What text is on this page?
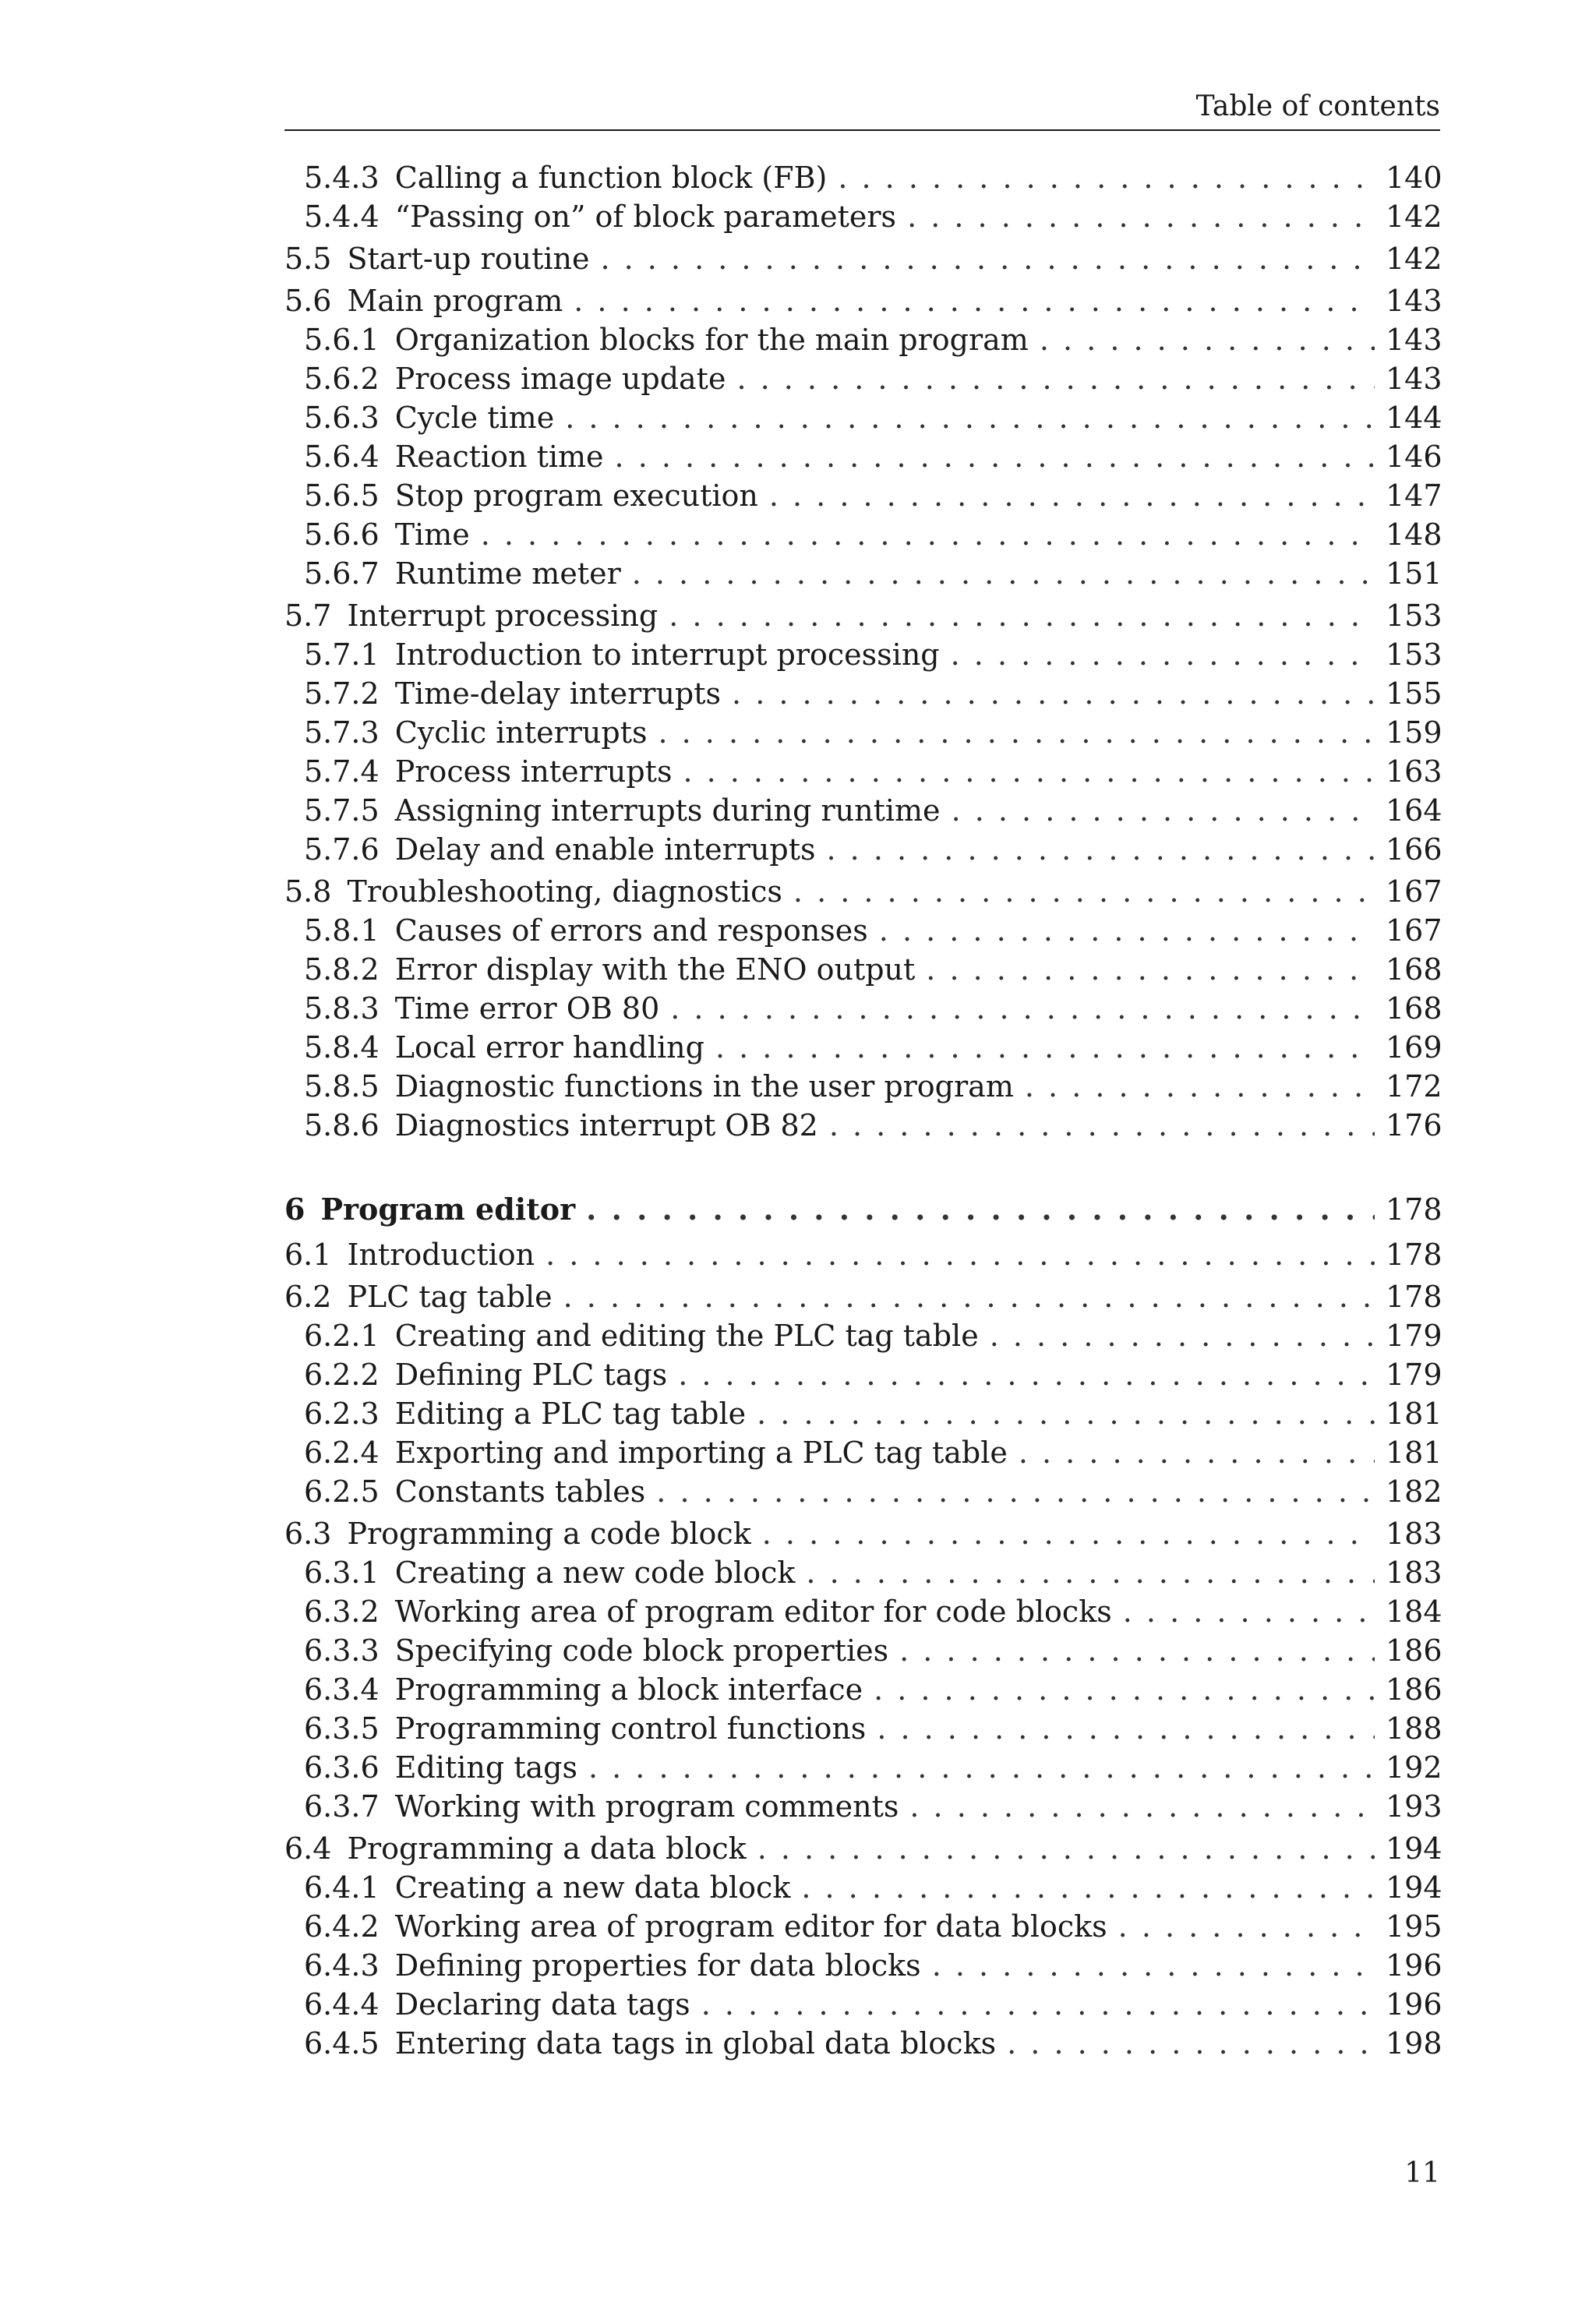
Table of contents
5.4.3 Calling a function block (FB) . . .	140
5.4.4 “Passing on” of block parameters . . .	142
5.5 Start-up routine . . .	142
5.6 Main program . . .	143
5.6.1 Organization blocks for the main program . . .	143
5.6.2 Process image update . . .	143
5.6.3 Cycle time . . .	144
5.6.4 Reaction time . . .	146
5.6.5 Stop program execution . . .	147
5.6.6 Time . . .	148
5.6.7 Runtime meter . . .	151
5.7 Interrupt processing . . .	153
5.7.1 Introduction to interrupt processing . . .	153
5.7.2 Time-delay interrupts . . .	155
5.7.3 Cyclic interrupts . . .	159
5.7.4 Process interrupts . . .	163
5.7.5 Assigning interrupts during runtime . . .	164
5.7.6 Delay and enable interrupts . . .	166
5.8 Troubleshooting, diagnostics . . .	167
5.8.1 Causes of errors and responses . . .	167
5.8.2 Error display with the ENO output . . .	168
5.8.3 Time error OB 80 . . .	168
5.8.4 Local error handling . . .	169
5.8.5 Diagnostic functions in the user program . . .	172
5.8.6 Diagnostics interrupt OB 82 . . .	176
6 Program editor . . .	178
6.1 Introduction . . .	178
6.2 PLC tag table . . .	178
6.2.1 Creating and editing the PLC tag table . . .	179
6.2.2 Defining PLC tags . . .	179
6.2.3 Editing a PLC tag table . . .	181
6.2.4 Exporting and importing a PLC tag table . . .	181
6.2.5 Constants tables . . .	182
6.3 Programming a code block . . .	183
6.3.1 Creating a new code block . . .	183
6.3.2 Working area of program editor for code blocks . . .	184
6.3.3 Specifying code block properties . . .	186
6.3.4 Programming a block interface . . .	186
6.3.5 Programming control functions . . .	188
6.3.6 Editing tags . . .	192
6.3.7 Working with program comments . . .	193
6.4 Programming a data block . . .	194
6.4.1 Creating a new data block . . .	194
6.4.2 Working area of program editor for data blocks . . .	195
6.4.3 Defining properties for data blocks . . .	196
6.4.4 Declaring data tags . . .	196
6.4.5 Entering data tags in global data blocks . . .	198
11
